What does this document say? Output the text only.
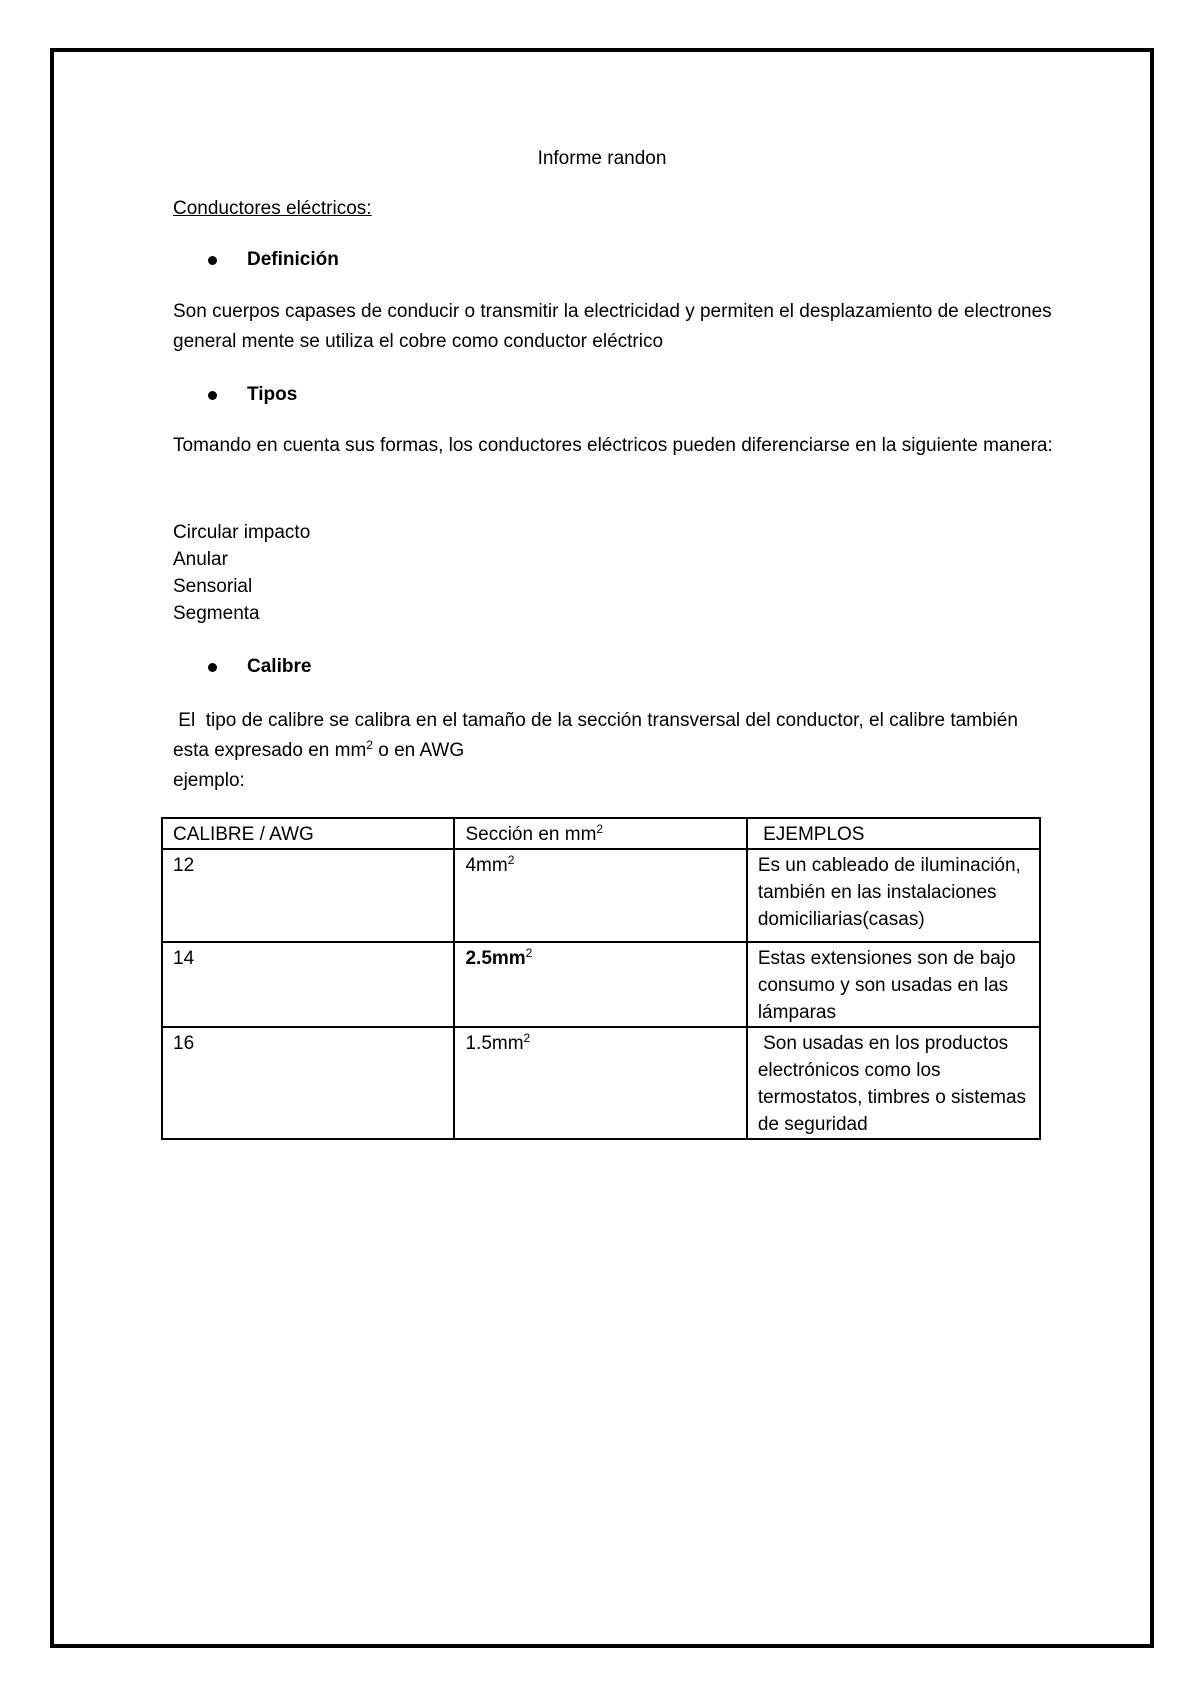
Informe randon
Conductores eléctricos:
Definición
Son cuerpos capases de conducir o transmitir la electricidad y permiten el desplazamiento de electrones general mente se utiliza el cobre como conductor eléctrico
Tipos
Tomando en cuenta sus formas, los conductores eléctricos pueden diferenciarse en la siguiente manera:
Circular impacto
Anular
Sensorial
Segmenta
Calibre
El  tipo de calibre se calibra en el tamaño de la sección transversal del conductor, el calibre también esta expresado en $mm^2$ o en AWG
ejemplo:
CALIBRE / AWG	Sección en $mm^2$	EJEMPLOS
12	$4mm^2$	Es un cableado de iluminación, también en las instalaciones domiciliarias(casas)
14	$2.5mm^2$	Estas extensiones son de bajo consumo y son usadas en las lámparas
16	$1.5mm^2$	Son usadas en los productos electrónicos como los termostatos, timbres o sistemas de seguridad
